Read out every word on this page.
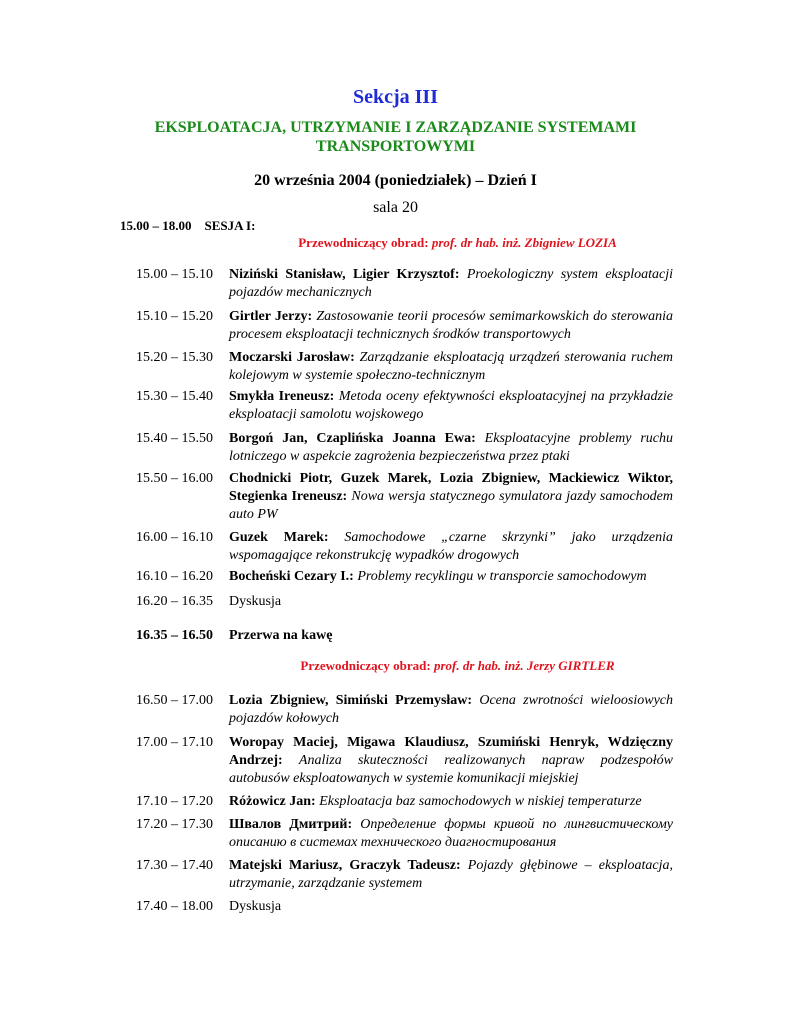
Sekcja III
EKSPLOATACJA, UTRZYMANIE I ZARZĄDZANIE SYSTEMAMI
TRANSPORTOWYMI
20 września 2004 (poniedziałek) – Dzień I
sala 20
15.00 – 18.00    SESJA I:
Przewodniczący obrad: prof. dr hab. inż. Zbigniew LOZIA
15.00 – 15.10	Niziński Stanisław, Ligier Krzysztof: Proekologiczny system eksploatacji pojazdów mechanicznych
15.10 – 15.20	Girtler Jerzy: Zastosowanie teorii procesów semimarkowskich do sterowania procesem eksploatacji technicznych środków transportowych
15.20 – 15.30	Moczarski Jarosław: Zarządzanie eksploatacją urządzeń sterowania ruchem kolejowym w systemie społeczno-technicznym
15.30 – 15.40	Smykła Ireneusz: Metoda oceny efektywności eksploatacyjnej na przykładzie eksploatacji samolotu wojskowego
15.40 – 15.50	Borgoń Jan, Czaplińska Joanna Ewa: Eksploatacyjne problemy ruchu lotniczego w aspekcie zagrożenia bezpieczeństwa przez ptaki
15.50 – 16.00	Chodnicki Piotr, Guzek Marek, Lozia Zbigniew, Mackiewicz Wiktor, Stegienka Ireneusz: Nowa wersja statycznego symulatora jazdy samochodem auto PW
16.00 – 16.10	Guzek Marek: Samochodowe „czarne skrzynki” jako urządzenia wspomagające rekonstrukcję wypadków drogowych
16.10 – 16.20	Bocheński Cezary I.: Problemy recyklingu w transporcie samochodowym
16.20 – 16.35	Dyskusja
16.35 – 16.50	Przerwa na kawę
Przewodniczący obrad: prof. dr hab. inż. Jerzy GIRTLER
16.50 – 17.00	Lozia Zbigniew, Simiński Przemysław: Ocena zwrotności wieloosiowych pojazdów kołowych
17.00 – 17.10	Woropay Maciej, Migawa Klaudiusz, Szumiński Henryk, Wdzięczny Andrzej: Analiza skuteczności realizowanych napraw podzespołów autobusów eksploatowanych w systemie komunikacji miejskiej
17.10 – 17.20	Różowicz Jan: Eksploatacja baz samochodowych w niskiej temperaturze
17.20 – 17.30	Швалов Дмитрий: Определение формы кривой по лингвистическому описанию в системах технического диагностирования
17.30 – 17.40	Matejski Mariusz, Graczyk Tadeusz: Pojazdy głębinowe – eksploatacja, utrzymanie, zarządzanie systemem
17.40 – 18.00	Dyskusja
